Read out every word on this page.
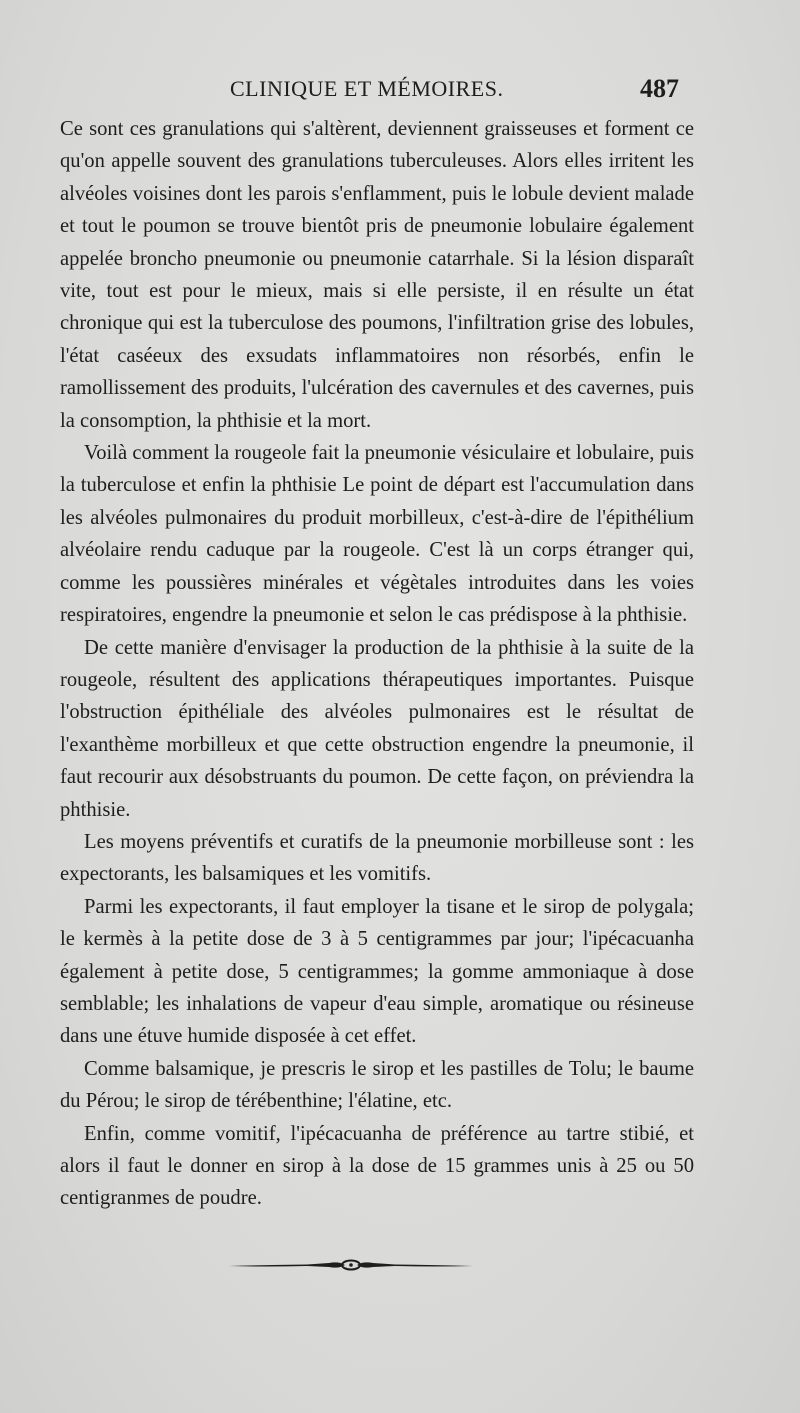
CLINIQUE ET MÉMOIRES.	487

Ce sont ces granulations qui s'altèrent, deviennent graisseuses et forment ce qu'on appelle souvent des granulations tuberculeuses. Alors elles irritent les alvéoles voisines dont les parois s'enflamment, puis le lobule devient malade et tout le poumon se trouve bientôt pris de pneumonie lobulaire également appelée broncho pneumonie ou pneumonie catarrhale. Si la lésion disparaît vite, tout est pour le mieux, mais si elle persiste, il en résulte un état chronique qui est la tuberculose des poumons, l'infiltration grise des lobules, l'état caséeux des exsudats inflammatoires non résorbés, enfin le ramollissement des produits, l'ulcération des cavernules et des cavernes, puis la consomption, la phthisie et la mort.

Voilà comment la rougeole fait la pneumonie vésiculaire et lobulaire, puis la tuberculose et enfin la phthisie Le point de départ est l'accumulation dans les alvéoles pulmonaires du produit morbilleux, c'est-à-dire de l'épithélium alvéolaire rendu caduque par la rougeole. C'est là un corps étranger qui, comme les poussières minérales et végètales introduites dans les voies respiratoires, engendre la pneumonie et selon le cas prédispose à la phthisie.

De cette manière d'envisager la production de la phthisie à la suite de la rougeole, résultent des applications thérapeutiques importantes. Puisque l'obstruction épithéliale des alvéoles pulmonaires est le résultat de l'exanthème morbilleux et que cette obstruction engendre la pneumonie, il faut recourir aux désobstruants du poumon. De cette façon, on préviendra la phthisie.

Les moyens préventifs et curatifs de la pneumonie morbilleuse sont : les expectorants, les balsamiques et les vomitifs.

Parmi les expectorants, il faut employer la tisane et le sirop de polygala; le kermès à la petite dose de 3 à 5 centigrammes par jour; l'ipécacuanha également à petite dose, 5 centigrammes; la gomme ammoniaque à dose semblable; les inhalations de vapeur d'eau simple, aromatique ou résineuse dans une étuve humide disposée à cet effet.

Comme balsamique, je prescris le sirop et les pastilles de Tolu; le baume du Pérou; le sirop de térébenthine; l'élatine, etc.

Enfin, comme vomitif, l'ipécacuanha de préférence au tartre stibié, et alors il faut le donner en sirop à la dose de 15 grammes unis à 25 ou 50 centigranmes de poudre.
